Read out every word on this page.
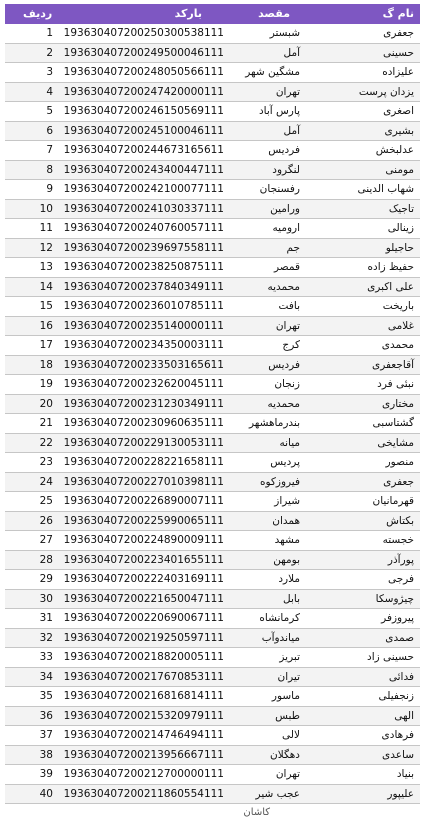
نام گ
مقصد
بارکد
ردیف
جعفری
شبستر
193630407200250300538111
1
حسینی
آمل
193630407200249500046111
2
علیزاده
مشگین شهر
193630407200248050566111
3
یزدان پرست
تهران
193630407200247420000111
4
اصغری
پارس آباد
193630407200246150569111
5
بشیری
آمل
193630407200245100046111
6
عدلبخش
فردیس
193630407200244673165611
7
مومنی
لنگرود
193630407200243400447111
8
شهاب الدینی
رفسنجان
193630407200242100077111
9
تاجیک
ورامین
193630407200241030337111
10
زینالی
ارومیه
193630407200240760057111
11
حاجیلو
جم
193630407200239697558111
12
حفیظ زاده
قمصر
193630407200238250875111
13
علی اکبری
محمدیه
193630407200237840349111
14
باریخت
بافت
193630407200236010785111
15
غلامی
تهران
193630407200235140000111
16
محمدی
کرج
193630407200234350003111
17
آقاجعفری
فردیس
193630407200233503165611
18
نبئی فرد
زنجان
193630407200232620045111
19
مختاری
محمدیه
193630407200231230349111
20
گشتاسبی
بندرماهشهر
193630407200230960635111
21
مشایخی
میانه
193630407200229130053111
22
منصور
پردیس
193630407200228221658111
23
جعفری
فیروزکوه
193630407200227010398111
24
قهرمانیان
شیراز
193630407200226890007111
25
بکتاش
همدان
193630407200225990065111
26
خجسته
مشهد
193630407200224890009111
27
پورآذر
بومهن
193630407200223401655111
28
فرجی
ملارد
193630407200222403169111
29
چیژوسکا
بابل
193630407200221650047111
30
پیروزفر
کرمانشاه
193630407200220690067111
31
صمدی
میاندوآب
193630407200219250597111
32
حسینی زاد
تبریز
193630407200218820005111
33
فدائی
تیران
193630407200217670853111
34
زنجفیلی
ماسور
193630407200216816814111
35
الهی
طبس
193630407200215320979111
36
فرهادی
لالی
193630407200214746494111
37
ساعدی
دهگلان
193630407200213956667111
38
بنیاد
تهران
193630407200212700000111
39
علیپور
عجب شیر
193630407200211860554111
40
کاشان
